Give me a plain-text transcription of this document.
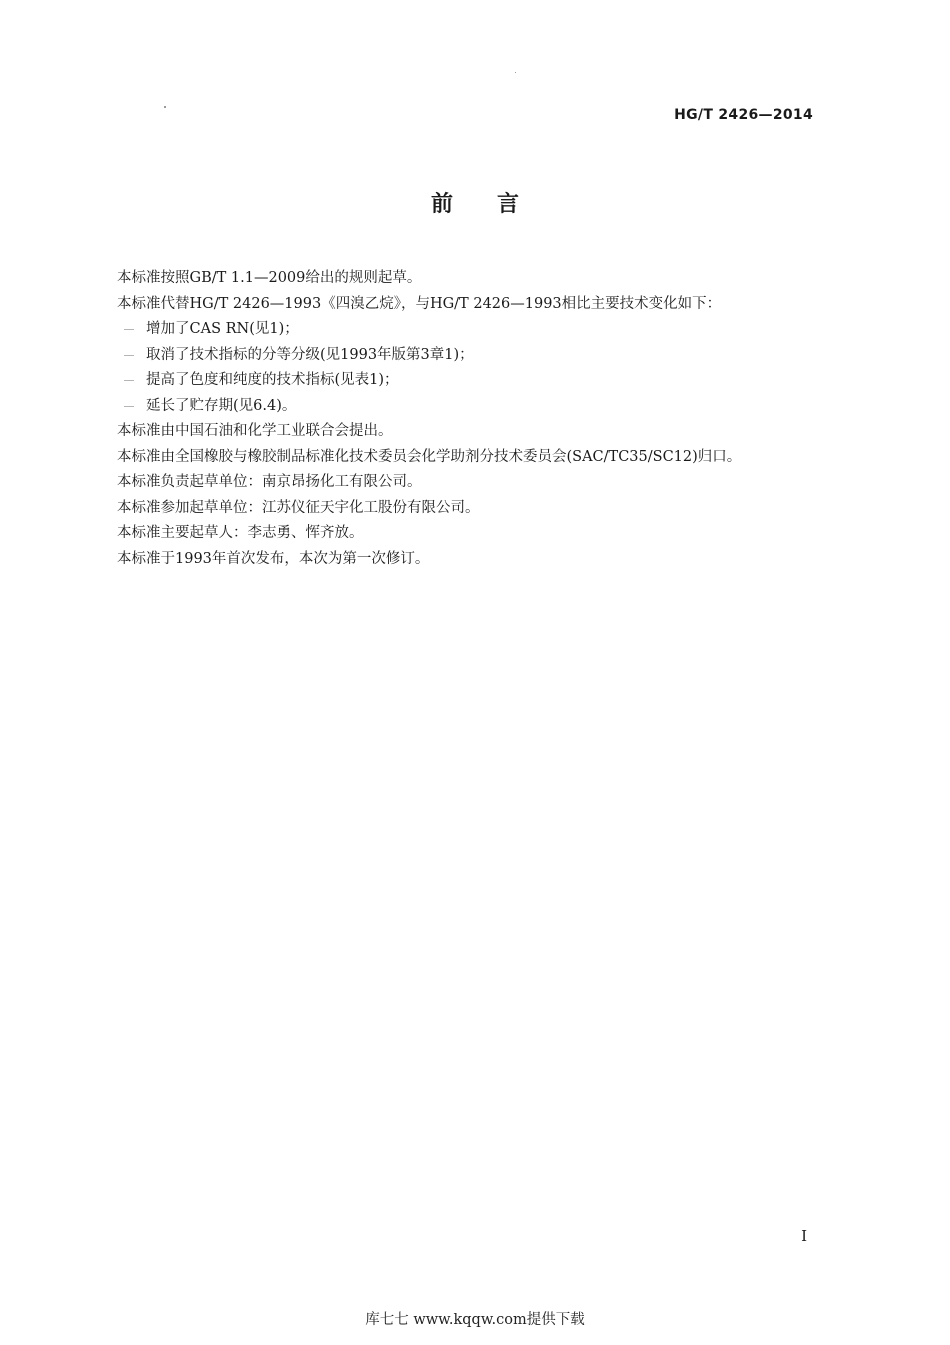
HG/T 2426—2014
前言

本标准按照GB/T 1.1—2009给出的规则起草。

本标准代替HG/T 2426—1993《四溴乙烷》，与HG/T 2426—1993相比主要技术变化如下：

增加了CAS RN(见1)；

取消了技术指标的分等分级(见1993年版第3章1)；

提高了色度和纯度的技术指标(见表1)；

延长了贮存期(见6.4)。

本标准由中国石油和化学工业联合会提出。

本标准由全国橡胶与橡胶制品标准化技术委员会化学助剂分技术委员会(SAC/TC35/SC12)归口。

本标准负责起草单位：南京昂扬化工有限公司。

本标准参加起草单位：江苏仪征天宇化工股份有限公司。

本标准主要起草人：李志勇、恽齐放。

本标准于1993年首次发布，本次为第一次修订。

I
库七七 www.kqqw.com提供下载
